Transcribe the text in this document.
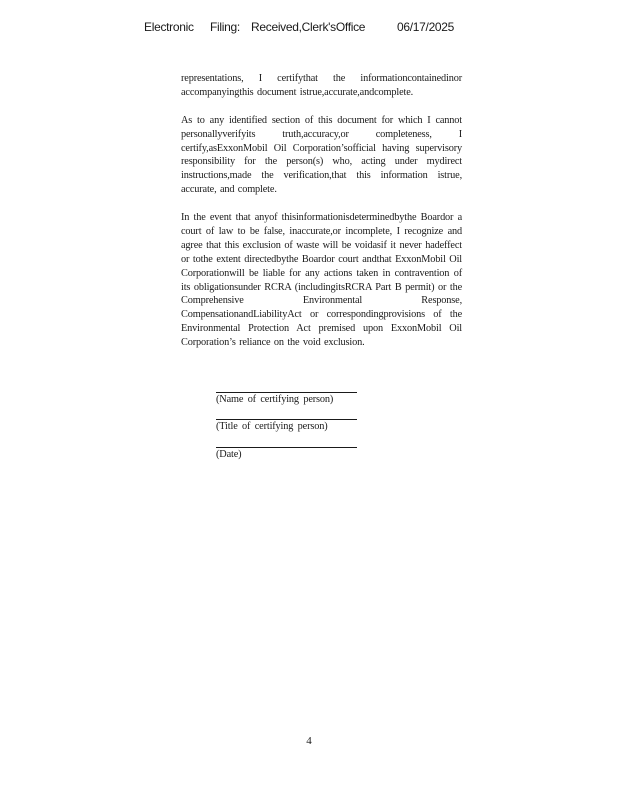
Electronic Filing: Received,Clerk'sOffice	06/17/2025

representations, I certifythat the informationcontainedinor accompanyingthis document istrue,accurate,andcomplete.

As to any identified section of this document for which I cannot personallyverifyits truth,accuracy,or completeness, I certify,asExxonMobil Oil Corporation’sofficial having supervisory responsibility for the person(s) who, acting under mydirect instructions,made the verification,that this information istrue, accurate, and complete.

In the event that anyof thisinformationisdeterminedbythe Boardor a court of law to be false, inaccurate,or incomplete, I recognize and agree that this exclusion of waste will be voidasif it never hadeffect or tothe extent directedbythe Boardor court andthat ExxonMobil Oil Corporationwill be liable for any actions taken in contravention of its obligationsunder RCRA (includingitsRCRA Part B permit) or the Comprehensive Environmental Response, CompensationandLiabilityAct or correspondingprovisions of the Environmental Protection Act premised upon ExxonMobil Oil Corporation’s reliance on the void exclusion.

(Name of certifying person)
(Title of certifying person)
(Date)
4
